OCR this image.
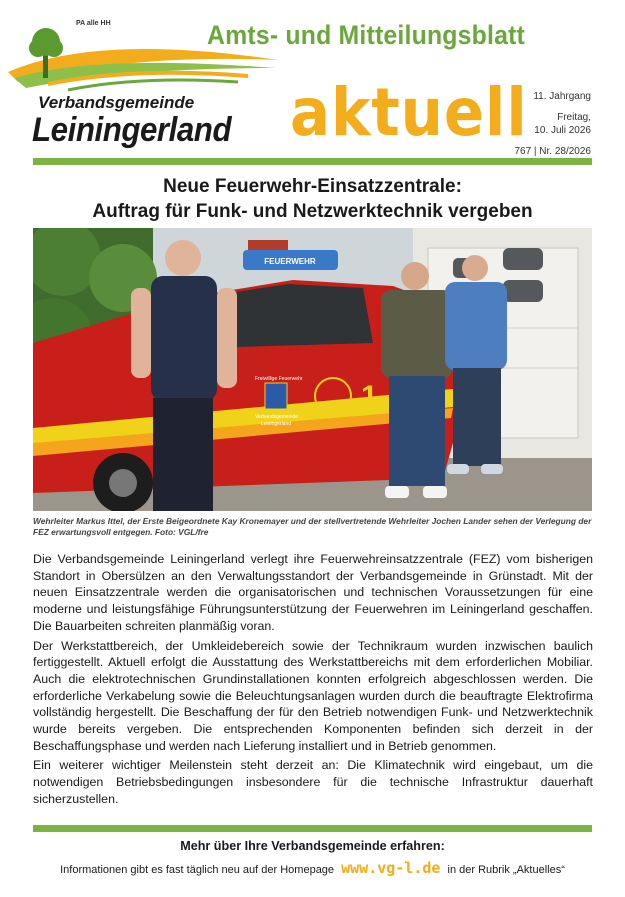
PA alle HH	Amts- und Mitteilungsblatt
Verbandsgemeinde
Leiningerland aktuell 11. Jahrgang
Freitag,
10. Juli 2026
767 | Nr. 28/2026
Neue Feuerwehr-Einsatzzentrale:
Auftrag für Funk- und Netzwerktechnik vergeben
FEUERWEHR
Freiwillige Feuerwehr
Verbandsgemeinde
Leiningerland
1
Wehrleiter Markus Ittel, der Erste Beigeordnete Kay Kronemayer und der stellvertretende Wehrleiter Jochen Lander sehen der Verlegung der FEZ erwartungsvoll entgegen. Foto: VGL/fre

Die Verbandsgemeinde Leiningerland verlegt ihre Feuerwehreinsatzzentrale (FEZ) vom bisherigen Standort in Obersülzen an den Verwaltungsstandort der Verbandsgemeinde in Grünstadt. Mit der neuen Einsatzzentrale werden die organisatorischen und technischen Voraussetzungen für eine moderne und leistungsfähige Führungsunterstützung der Feuerwehren im Leiningerland geschaffen. Die Bauarbeiten schreiten planmäßig voran.

Der Werkstattbereich, der Umkleidebereich sowie der Technikraum wurden inzwischen baulich fertiggestellt. Aktuell erfolgt die Ausstattung des Werkstattbereichs mit dem erforderlichen Mobiliar. Auch die elektrotechnischen Grundinstallationen konnten erfolgreich abgeschlossen werden. Die erforderliche Verkabelung sowie die Beleuchtungsanlagen wurden durch die beauftragte Elektrofirma vollständig hergestellt. Die Beschaffung der für den Betrieb notwendigen Funk- und Netzwerktechnik wurde bereits vergeben. Die entsprechenden Komponenten befinden sich derzeit in der Beschaffungsphase und werden nach Lieferung installiert und in Betrieb genommen.

Ein weiterer wichtiger Meilenstein steht derzeit an: Die Klimatechnik wird eingebaut, um die notwendigen Betriebsbedingungen insbesondere für die technische Infrastruktur dauerhaft sicherzustellen.

Mehr über Ihre Verbandsgemeinde erfahren:
Informationen gibt es fast täglich neu auf der Homepage www.vg-l.de in der Rubrik „Aktuelles“
